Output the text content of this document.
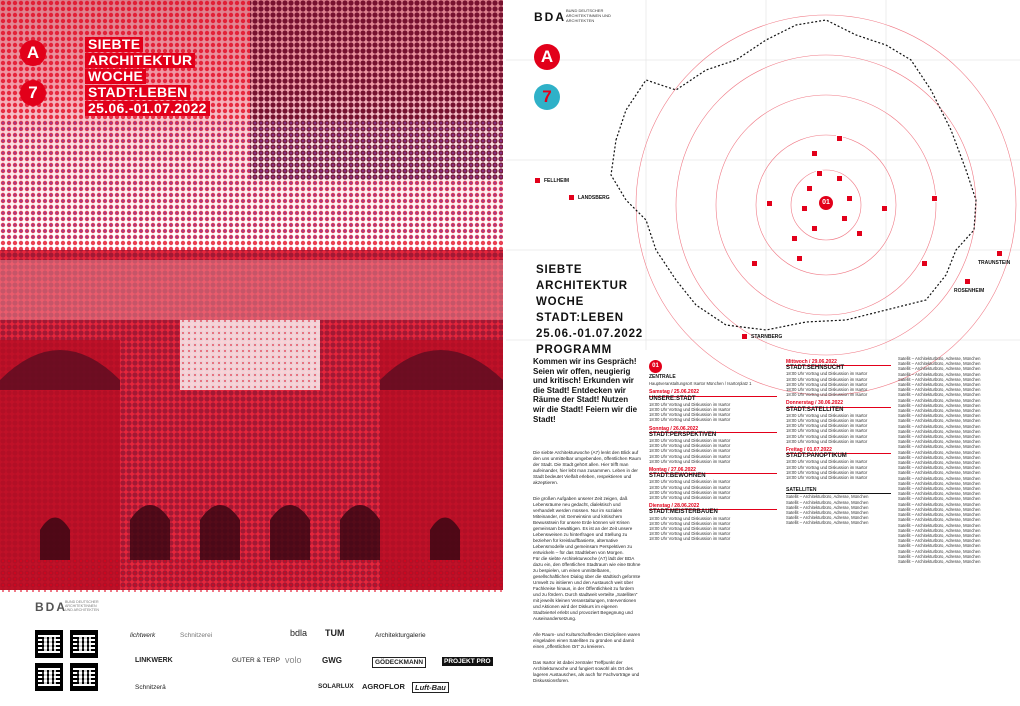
A
7
SIEBTE
ARCHITEKTUR
WOCHE
STADT:LEBEN
25.06.-01.07.2022
BDA
BUND DEUTSCHER ARCHITEKTINNEN UND ARCHITEKTEN
lichtwerk	bdla TUM
Schnitzerei	Architekturgalerie
LINKWERK	GUTER & TERP volo	GWG	GÖDECKMANN	PROJEKT PRO
Schnitzerä	SOLARLUX AGROFLOR	Luft-Bau
01
FELLHEIM
LANDSBERG
STARNBERG
TRAUNSTEIN
ROSENHEIM
BDA BUND DEUTSCHER ARCHITEKTINNEN UND ARCHITEKTEN
A
7
SIEBTE
ARCHITEKTUR
WOCHE
STADT:LEBEN
25.06.-01.07.2022
PROGRAMM
Kommen wir ins Gespräch! Seien wir offen, neugierig und kritisch! Erkunden wir die Stadt! Entdecken wir Räume der Stadt! Nutzen wir die Stadt! Feiern wir die Stadt!
Die siebte Architekturwoche (A7) lenkt den Blick auf den uns unmittelbar umgebenden, öffentlichen Raum der Stadt. Die Stadt gehört allen. Hier trifft man aufeinander, hier lebt man zusammen. Leben in der Stadt bedeutet Vielfalt erleben, respektieren und akzeptieren.
Die großen Aufgaben unserer Zeit zeigen, daß Lebensräume neu gedacht, dialektisch und verhandelt werden müssen. Nur im sozialen Miteinander, mit Gemeinsinn und kritischem Bewusstsein für unsere Erde können wir Krisen gemeinsam bewältigen. Es ist an der Zeit unsere Lebensweisen zu hinterfragen und Stellung zu beziehen für kreislauffbasierte, alternative Lebensmodelle und gemeinsam Perspektiven zu entwickeln – für das Stadtleben von Morgen.
Für die siebte Architekturwoche (A7) lädt der BDA dazu ein, den öffentlichen Stadtraum wie eine Bühne zu bespielen, um einen unmittelbaren, gesellschaftlichen Dialog über die städtisch geformte Umwelt zu initiieren und den Austausch weit über Fachkreise hinaus, in der Öffentlichkeit zu fordern und zu fördern. Durch stadtweit verteilte „Satelliten“ mit jeweils kleinen Veranstaltungen, Interventionen und Aktionen wird der Diskurs im eigenen Stadtviertel erlebt und provoziert Begegnung und Auseinandersetzung.
Alle Raum- und Kulturschaffenden Disziplinen waren eingeladen einen Satelliten zu gründen und damit einen „öffentlichen Ort“ zu kreieren.
Das Isartor ist dabei zentraler Treffpunkt der Architekturwoche und fungiert sowohl als Ort des lageren Austausches, als auch für Fachvorträge und Diskussionsforen.
01
ZENTRALE
Hauptveranstaltungsort Isartor München / Isartorplatz 1
Samstag / 25.06.2022
UNSERE:STADT
18:00 Uhr Vortrag und Diskussion im Isartor
18:00 Uhr Vortrag und Diskussion im Isartor
18:00 Uhr Vortrag und Diskussion im Isartor
18:00 Uhr Vortrag und Diskussion im Isartor
Sonntag / 26.06.2022
STADT:PERSPEKTIVEN
18:00 Uhr Vortrag und Diskussion im Isartor
18:00 Uhr Vortrag und Diskussion im Isartor
18:00 Uhr Vortrag und Diskussion im Isartor
18:00 Uhr Vortrag und Diskussion im Isartor
18:00 Uhr Vortrag und Diskussion im Isartor
Montag / 27.06.2022
STADT:BEWOHNEN
18:00 Uhr Vortrag und Diskussion im Isartor
18:00 Uhr Vortrag und Diskussion im Isartor
18:00 Uhr Vortrag und Diskussion im Isartor
18:00 Uhr Vortrag und Diskussion im Isartor
Dienstag / 28.06.2022
STADT:MEISTERBAUEN
18:00 Uhr Vortrag und Diskussion im Isartor
18:00 Uhr Vortrag und Diskussion im Isartor
18:00 Uhr Vortrag und Diskussion im Isartor
18:00 Uhr Vortrag und Diskussion im Isartor
18:00 Uhr Vortrag und Diskussion im Isartor
Mittwoch / 29.06.2022
STADT:SEHNSUCHT
18:00 Uhr Vortrag und Diskussion im Isartor
18:00 Uhr Vortrag und Diskussion im Isartor
18:00 Uhr Vortrag und Diskussion im Isartor
18:00 Uhr Vortrag und Diskussion im Isartor
18:00 Uhr Vortrag und Diskussion im Isartor
Donnerstag / 30.06.2022
STADT:SATELLITEN
18:00 Uhr Vortrag und Diskussion im Isartor
18:00 Uhr Vortrag und Diskussion im Isartor
18:00 Uhr Vortrag und Diskussion im Isartor
18:00 Uhr Vortrag und Diskussion im Isartor
18:00 Uhr Vortrag und Diskussion im Isartor
18:00 Uhr Vortrag und Diskussion im Isartor
Freitag / 01.07.2022
STADT:PANOPTIKUM
18:00 Uhr Vortrag und Diskussion im Isartor
18:00 Uhr Vortrag und Diskussion im Isartor
18:00 Uhr Vortrag und Diskussion im Isartor
18:00 Uhr Vortrag und Diskussion im Isartor
SATELLITEN
Satellit – Architekturbüro, Adresse, München
Satellit – Architekturbüro, Adresse, München
Satellit – Architekturbüro, Adresse, München
Satellit – Architekturbüro, Adresse, München
Satellit – Architekturbüro, Adresse, München
Satellit – Architekturbüro, Adresse, München
Satellit – Architekturbüro, Adresse, München
Satellit – Architekturbüro, Adresse, München
Satellit – Architekturbüro, Adresse, München
Satellit – Architekturbüro, Adresse, München
Satellit – Architekturbüro, Adresse, München
Satellit – Architekturbüro, Adresse, München
Satellit – Architekturbüro, Adresse, München
Satellit – Architekturbüro, Adresse, München
Satellit – Architekturbüro, Adresse, München
Satellit – Architekturbüro, Adresse, München
Satellit – Architekturbüro, Adresse, München
Satellit – Architekturbüro, Adresse, München
Satellit – Architekturbüro, Adresse, München
Satellit – Architekturbüro, Adresse, München
Satellit – Architekturbüro, Adresse, München
Satellit – Architekturbüro, Adresse, München
Satellit – Architekturbüro, Adresse, München
Satellit – Architekturbüro, Adresse, München
Satellit – Architekturbüro, Adresse, München
Satellit – Architekturbüro, Adresse, München
Satellit – Architekturbüro, Adresse, München
Satellit – Architekturbüro, Adresse, München
Satellit – Architekturbüro, Adresse, München
Satellit – Architekturbüro, Adresse, München
Satellit – Architekturbüro, Adresse, München
Satellit – Architekturbüro, Adresse, München
Satellit – Architekturbüro, Adresse, München
Satellit – Architekturbüro, Adresse, München
Satellit – Architekturbüro, Adresse, München
Satellit – Architekturbüro, Adresse, München
Satellit – Architekturbüro, Adresse, München
Satellit – Architekturbüro, Adresse, München
Satellit – Architekturbüro, Adresse, München
Satellit – Architekturbüro, Adresse, München
Satellit – Architekturbüro, Adresse, München
Satellit – Architekturbüro, Adresse, München
Satellit – Architekturbüro, Adresse, München
Satellit – Architekturbüro, Adresse, München
Satellit – Architekturbüro, Adresse, München
Satellit – Architekturbüro, Adresse, München
